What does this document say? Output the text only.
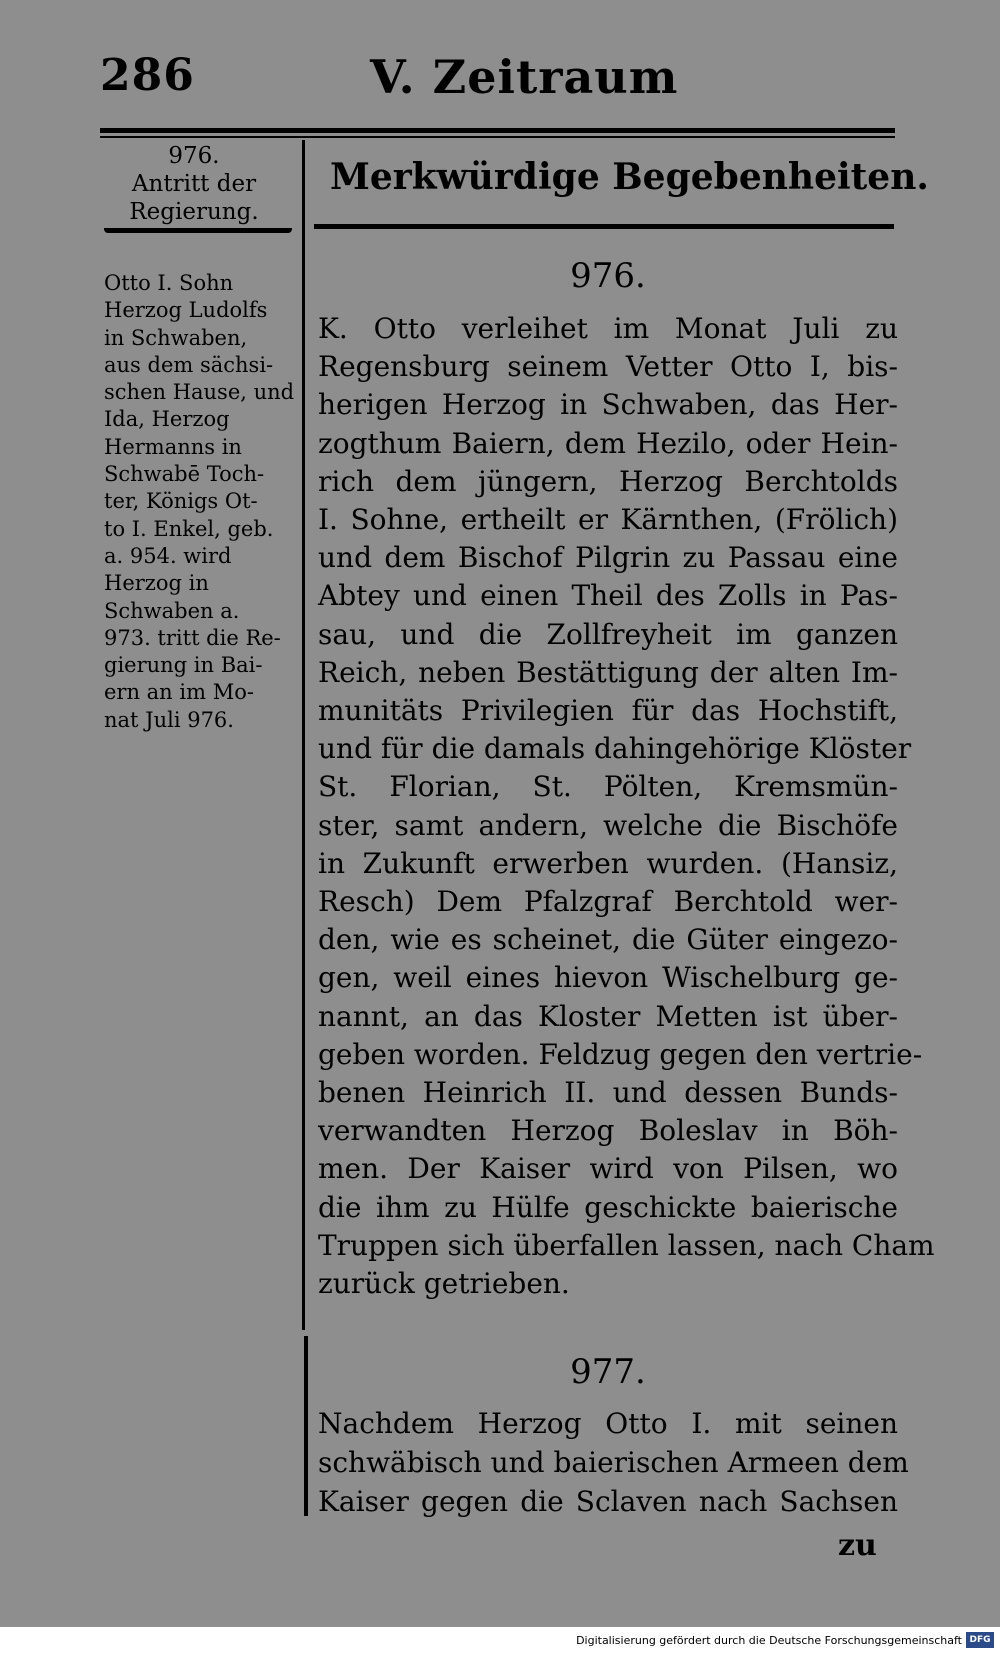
286	V. Zeitraum
976.
Antritt der
Regierung.
Otto I. Sohn
Herzog Ludolfs
in Schwaben,
aus dem sächsi-
schen Hause, und
Ida, Herzog
Hermanns in
Schwabē Toch-
ter, Königs Ot-
to I. Enkel, geb.
a. 954. wird
Herzog in
Schwaben a.
973. tritt die Re-
gierung in Bai-
ern an im Mo-
nat Juli 976.
Merkwürdige Begebenheiten.
976.
K. Otto verleihet im Monat Juli zu
Regensburg seinem Vetter Otto I, bis-
herigen Herzog in Schwaben, das Her-
zogthum Baiern, dem Hezilo, oder Hein-
rich dem jüngern, Herzog Berchtolds
I. Sohne, ertheilt er Kärnthen, (Frölich)
und dem Bischof Pilgrin zu Passau eine
Abtey und einen Theil des Zolls in Pas-
sau, und die Zollfreyheit im ganzen
Reich, neben Bestättigung der alten Im-
munitäts Privilegien für das Hochstift,
und für die damals dahingehörige Klöster
St. Florian, St. Pölten, Kremsmün-
ster, samt andern, welche die Bischöfe
in Zukunft erwerben wurden. (Hansiz,
Resch) Dem Pfalzgraf Berchtold wer-
den, wie es scheinet, die Güter eingezo-
gen, weil eines hievon Wischelburg ge-
nannt, an das Kloster Metten ist über-
geben worden. Feldzug gegen den vertrie-
benen Heinrich II. und dessen Bunds-
verwandten Herzog Boleslav in Böh-
men. Der Kaiser wird von Pilsen, wo
die ihm zu Hülfe geschickte baierische
Truppen sich überfallen lassen, nach Cham
zurück getrieben.
977.
Nachdem Herzog Otto I. mit seinen
schwäbisch und baierischen Armeen dem
Kaiser gegen die Sclaven nach Sachsen
zu
Digitalisierung gefördert durch die Deutsche Forschungsgemeinschaft DFG
